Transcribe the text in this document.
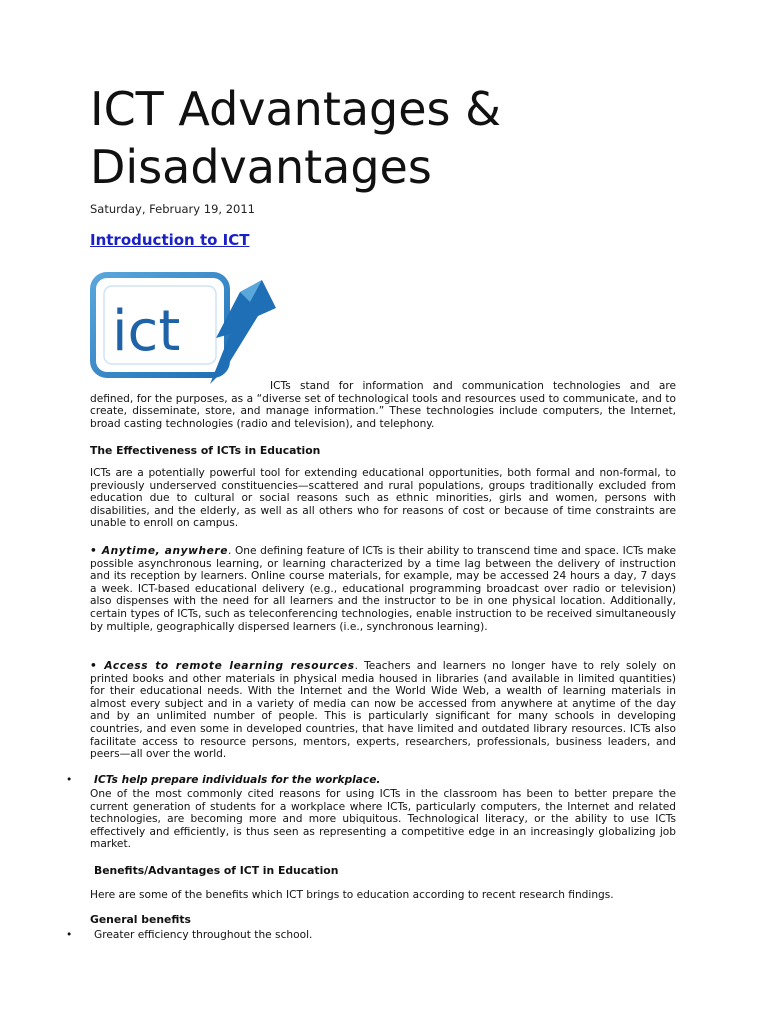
ICT Advantages & Disadvantages
Saturday, February 19, 2011
Introduction to ICT
ict

ICTs stand for information and communication technologies and are defined, for the purposes, as a “diverse set of technological tools and resources used to communicate, and to create, disseminate, store, and manage information.” These technologies include computers, the Internet, broad casting technologies (radio and television), and telephony.

The Effectiveness of ICTs in Education

ICTs are a potentially powerful tool for extending educational opportunities, both formal and non-formal, to previously underserved constituencies—scattered and rural populations, groups traditionally excluded from education due to cultural or social reasons such as ethnic minorities, girls and women, persons with disabilities, and the elderly, as well as all others who for reasons of cost or because of time constraints are unable to enroll on campus.

• Anytime, anywhere. One defining feature of ICTs is their ability to transcend time and space. ICTs make possible asynchronous learning, or learning characterized by a time lag between the delivery of instruction and its reception by learners. Online course materials, for example, may be accessed 24 hours a day, 7 days a week. ICT-based educational delivery (e.g., educational programming broadcast over radio or television) also dispenses with the need for all learners and the instructor to be in one physical location. Additionally, certain types of ICTs, such as teleconferencing technologies, enable instruction to be received simultaneously by multiple, geographically dispersed learners (i.e., synchronous learning).

• Access to remote learning resources. Teachers and learners no longer have to rely solely on printed books and other materials in physical media housed in libraries (and available in limited quantities) for their educational needs. With the Internet and the World Wide Web, a wealth of learning materials in almost every subject and in a variety of media can now be accessed from anywhere at anytime of the day and by an unlimited number of people. This is particularly significant for many schools in developing countries, and even some in developed countries, that have limited and outdated library resources. ICTs also facilitate access to resource persons, mentors, experts, researchers, professionals, business leaders, and peers—all over the world.

• ICTs help prepare individuals for the workplace.

One of the most commonly cited reasons for using ICTs in the classroom has been to better prepare the current generation of students for a workplace where ICTs, particularly computers, the Internet and related technologies, are becoming more and more ubiquitous. Technological literacy, or the ability to use ICTs effectively and efficiently, is thus seen as representing a competitive edge in an increasingly globalizing job market.

Benefits/Advantages of ICT in Education
Here are some of the benefits which ICT brings to education according to recent research findings.
General benefits
• Greater efficiency throughout the school.
